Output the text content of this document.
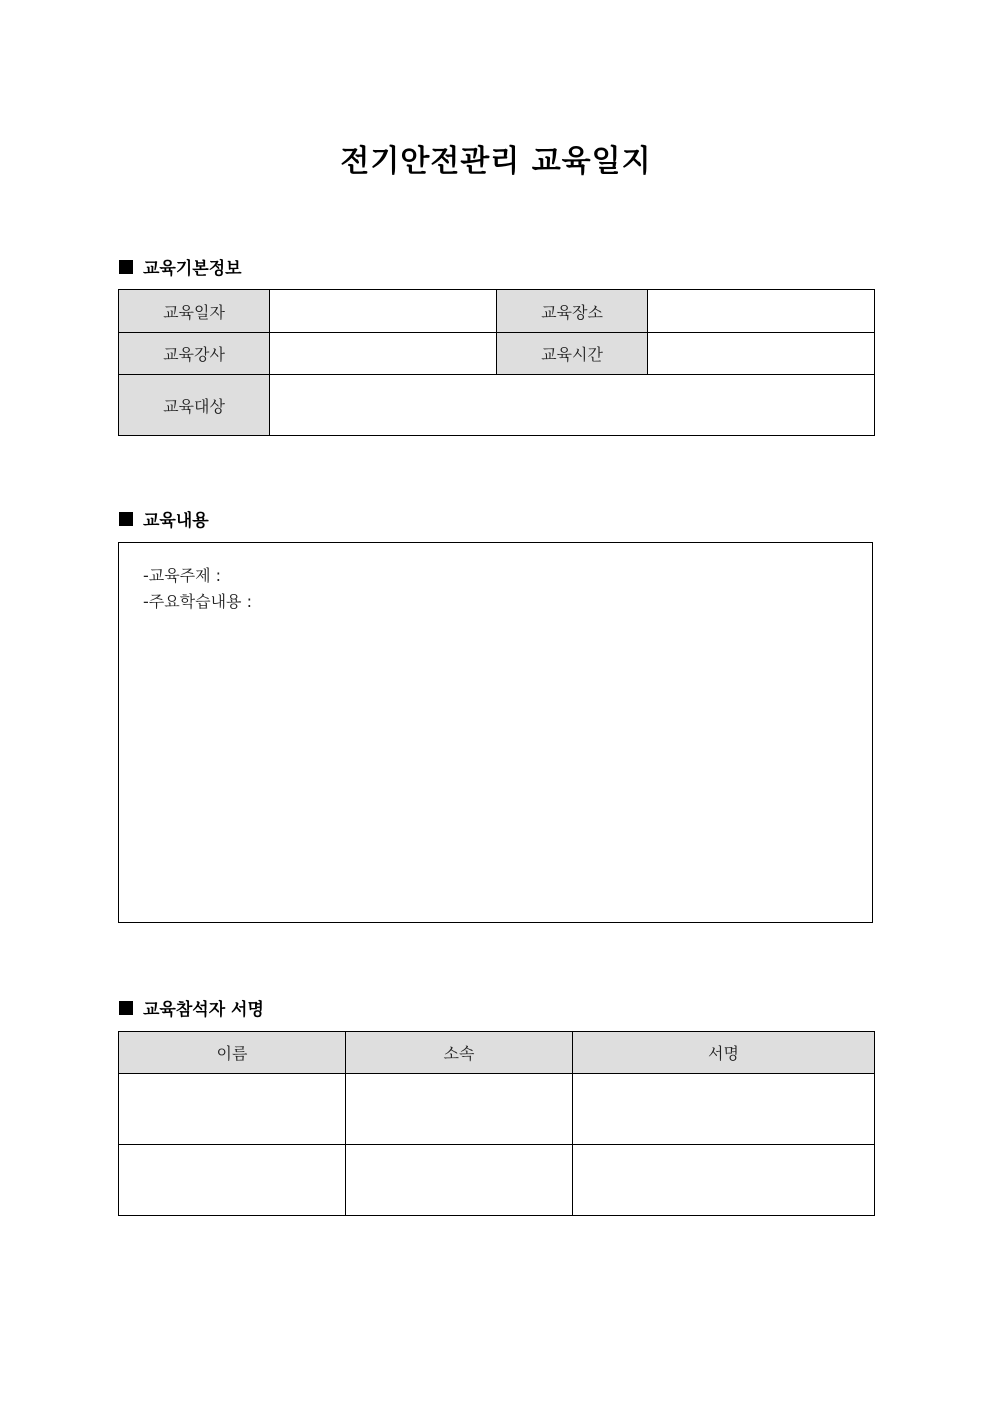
전기안전관리 교육일지
교육기본정보
교육일자		교육장소	
교육강사		교육시간	
교육대상			
교육내용
-교육주제 :
-주요학습내용 :
교육참석자 서명
이름	소속	서명
